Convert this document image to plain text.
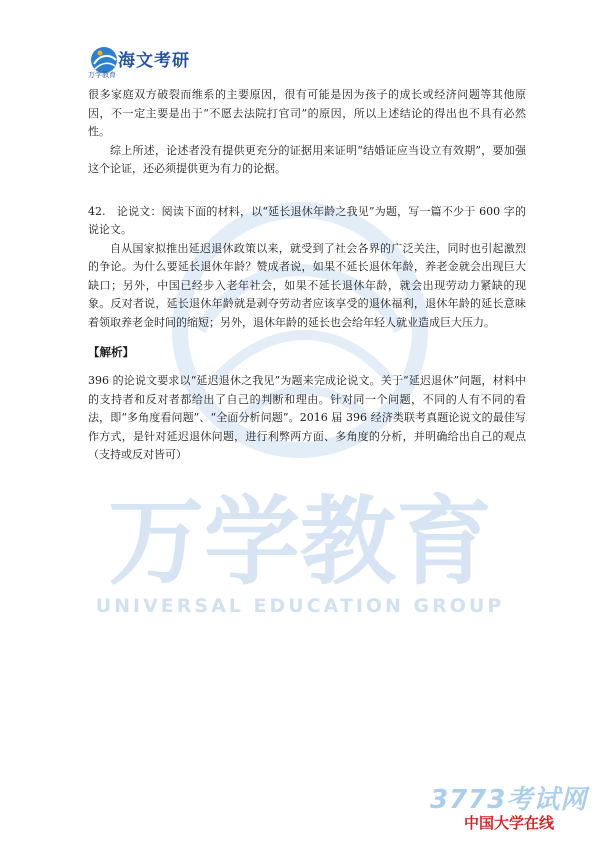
万学教育
UNIVERSAL EDUCATION GROUP
海文考研
万学教育

很多家庭双方破裂而维系的主要原因，很有可能是因为孩子的成长或经济问题等其他原因，不一定主要是出于“不愿去法院打官司”的原因，所以上述结论的得出也不具有必然性。

综上所述，论述者没有提供更充分的证据用来证明“结婚证应当设立有效期”，要加强这个论证，还必须提供更为有力的论据。

42.　论说文：阅读下面的材料，以“延长退休年龄之我见”为题，写一篇不少于 600 字的说论文。

自从国家拟推出延迟退休政策以来，就受到了社会各界的广泛关注，同时也引起激烈的争论。为什么要延长退休年龄？赞成者说，如果不延长退休年龄，养老金就会出现巨大缺口；另外，中国已经步入老年社会，如果不延长退休年龄，就会出现劳动力紧缺的现象。反对者说，延长退休年龄就是剥夺劳动者应该享受的退休福利，退休年龄的延长意味着领取养老金时间的缩短；另外，退休年龄的延长也会给年轻人就业造成巨大压力。

【解析】

396 的论说文要求以“延迟退休之我见”为题来完成论说文。关于“延迟退休”问题，材料中的支持者和反对者都给出了自己的判断和理由。针对同一个问题，不同的人有不同的看法，即“多角度看问题”、“全面分析问题”。2016 届 396 经济类联考真题论说文的最佳写作方式，是针对延迟退休问题，进行利弊两方面、多角度的分析，并明确给出自己的观点（支持或反对皆可）

3773考试网
中国大学在线
